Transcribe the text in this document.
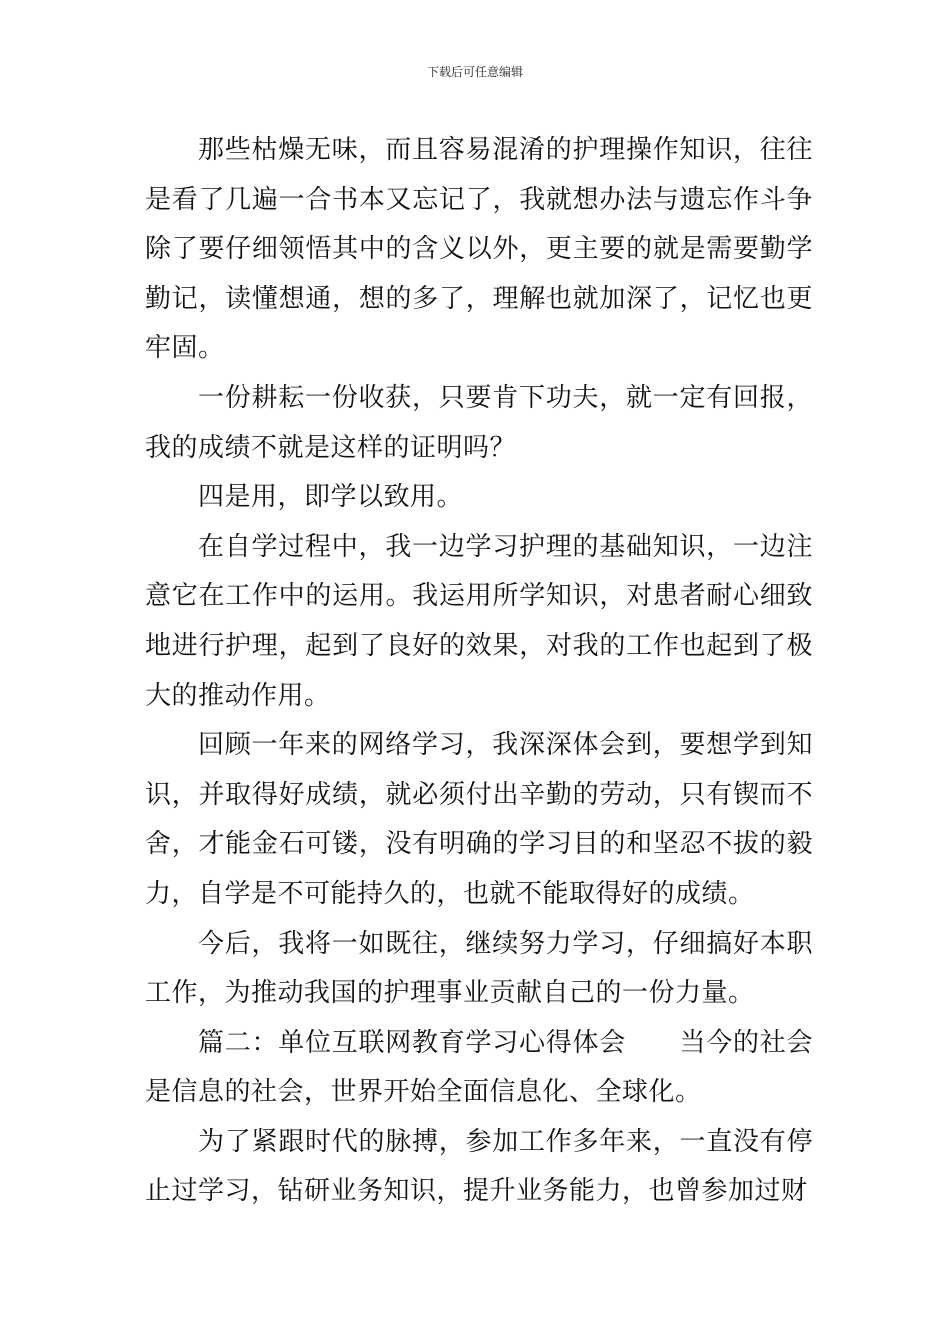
下载后可任意编辑

那些枯燥无味，而且容易混淆的护理操作知识，往往是看了几遍一合书本又忘记了，我就想办法与遗忘作斗争除了要仔细领悟其中的含义以外，更主要的就是需要勤学勤记，读懂想通，想的多了，理解也就加深了，记忆也更牢固。

一份耕耘一份收获，只要肯下功夫，就一定有回报，我的成绩不就是这样的证明吗？

四是用，即学以致用。

在自学过程中，我一边学习护理的基础知识，一边注意它在工作中的运用。我运用所学知识，对患者耐心细致地进行护理，起到了良好的效果，对我的工作也起到了极大的推动作用。

回顾一年来的网络学习，我深深体会到，要想学到知识，并取得好成绩，就必须付出辛勤的劳动，只有锲而不舍，才能金石可镂，没有明确的学习目的和坚忍不拔的毅力，自学是不可能持久的，也就不能取得好的成绩。

今后，我将一如既往，继续努力学习，仔细搞好本职工作，为推动我国的护理事业贡献自己的一份力量。

篇二：单位互联网教育学习心得体会　　当今的社会是信息的社会，世界开始全面信息化、全球化。

为了紧跟时代的脉搏，参加工作多年来，一直没有停止过学习，钻研业务知识，提升业务能力，也曾参加过财
